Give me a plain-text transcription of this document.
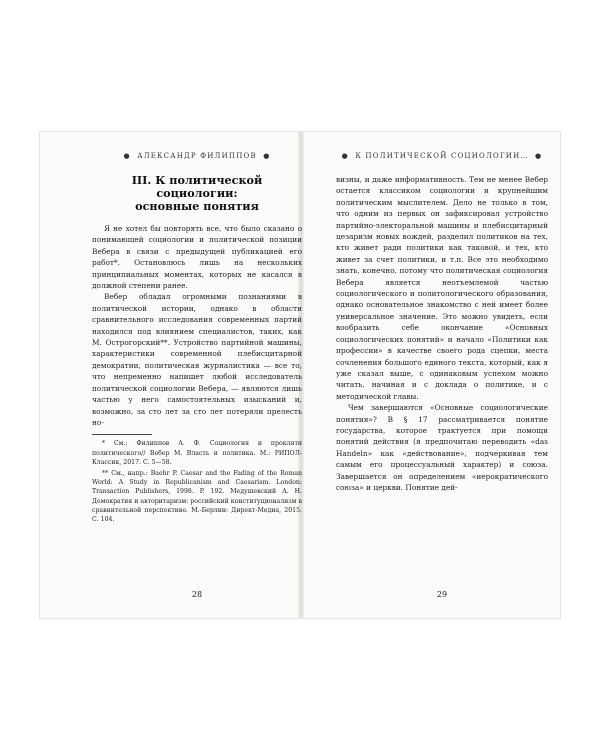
● АЛЕКСАНДР ФИЛИППОВ ●
III. К политической социологии:
основные понятия

Я не хотел бы повторять все, что было сказано о понимающей социологии и политической позиции Вебера в связи с предыдущей публикацией его работ*. Остановлюсь лишь на нескольких принципиальных моментах, которых не касался в должной степени ранее.

Вебер обладал огромными познаниями в политической истории, однако в области сравнительного исследования современных партий находился под влиянием специалистов, таких, как М. Острогорский**. Устройство партийной машины, характеристики современной плебисцитарной демократии, политическая журналистика — все то, что непременно напишет любой исследователь политической социологии Вебера, — являются лишь частью у него самостоятельных изысканий и, возможно, за сто лет за сто лет потеряли прелесть но-

* См.: Филиппов А. Ф. Социология и прокляти политического// Вебер М. Власть и политика. М.: РИПОЛ-Классик, 2017. С. 5—58.

** См., напр.: Baehr P. Caesar and the Fading of the Roman World: A Study in Republicanism and Caesarism. London: Transaction Publishers, 1998. P. 192. Медушевский А. Н. Демократия и авторитаризм: российский конституционализм в сравнительной перспективе. М.-Берлин: Директ-Медиа, 2015. С. 104.

28
● К ПОЛИТИЧЕСКОЙ СОЦИОЛОГИИ… ●

визны, и даже информативность. Тем не менее Вебер остается классиком социологии и крупнейшим политическим мыслителем. Дело не только в том, что одним из первых он зафиксировал устройство партийно-электоральной машины и плебисцитарный цезаризм новых вождей, разделил политиков на тех, кто живет ради политики как таковой, и тех, кто живет за счет политики, и т.п. Все это необходимо знать, конечно, потому что политическая социология Вебера является неотъемлемой частью социологического и политологического образования, однако основательное знакомство с ней имеет более универсальное значение. Это можно увидеть, если вообразить себе окончание «Основных социологических понятий» и начало «Политики как профессии» в качестве своего рода сцепки, места сочленения большого единого текста, который, как я уже сказал выше, с одинаковым успехом можно читать, начиная и с доклада о политике, и с методической главы.

Чем завершаются «Основные социологические понятия»? В § 17 рассматривается понятие государства, которое трактуется при помощи понятий действия (я предпочитаю переводить «das Handeln» как «действование», подчеркивая тем самым его процессуальный характер) и союза. Завершается он определением «иерократического союза» и церкви. Понятие дей-

29
